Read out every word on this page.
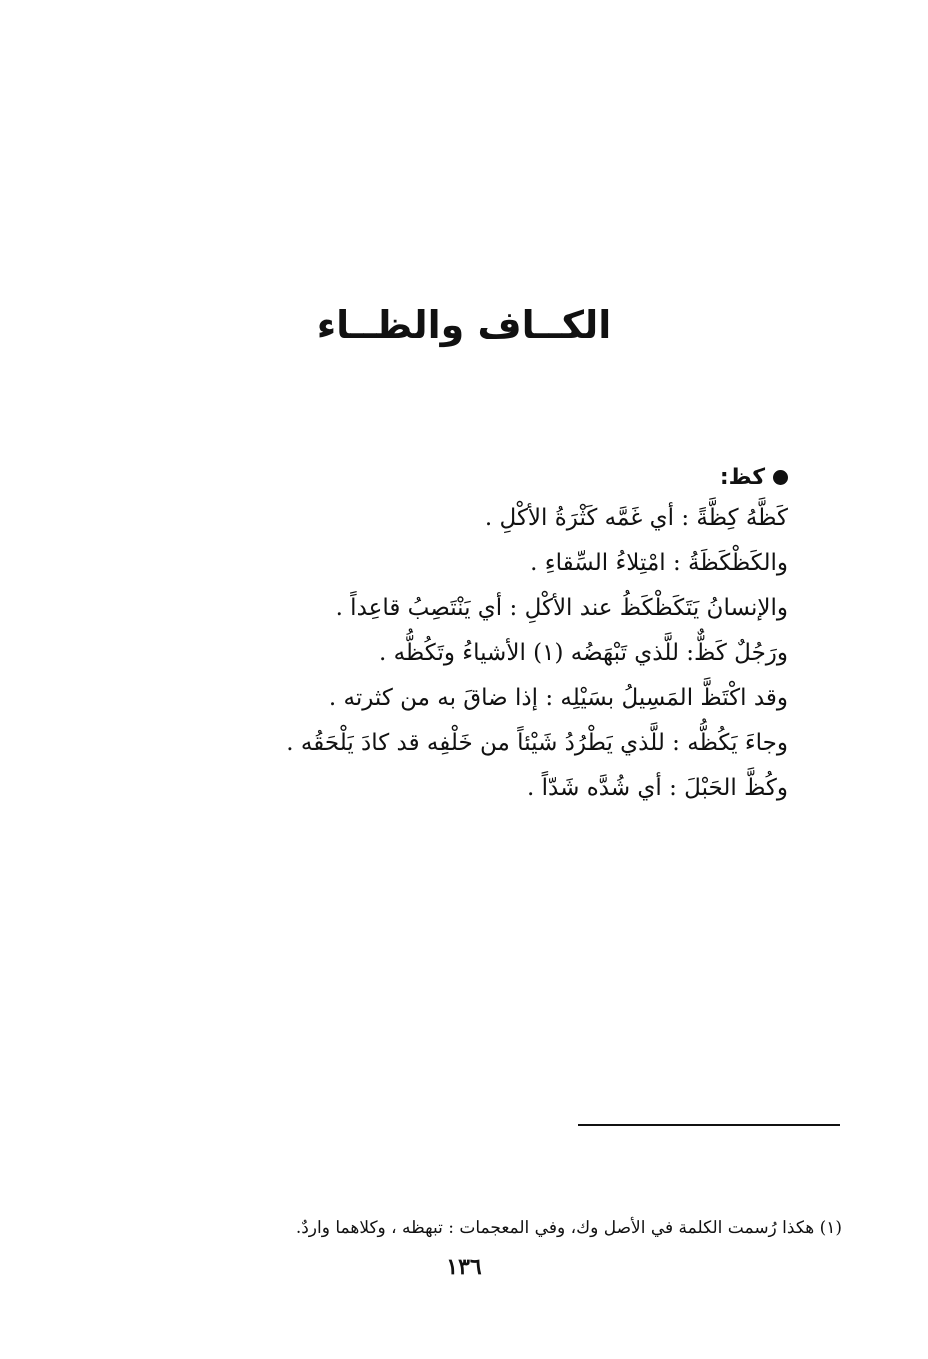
الكــاف والظــاء
كظ:
كَظَّهُ كِظَّةً : أي غَمَّه كَثْرَةُ الأكْلِ .
والكَظْكَظَةُ : امْتِلاءُ السِّقاءِ .
والإنسانُ يَتَكَظْكَظُ عند الأكْلِ : أي يَنْتَصِبُ قاعِداً .
ورَجُلٌ كَظٌّ: للَّذي تَبْهَضُه (١) الأشياءُ وتَكُظُّه .
وقد اكْتَظَّ المَسِيلُ بسَيْلِه : إذا ضاقَ به من كثرته .
وجاءَ يَكُظُّه : للَّذي يَطْرُدُ شَيْئاً من خَلْفِه قد كادَ يَلْحَقُه .
وكُظَّ الحَبْلَ : أي شُدَّه شَدّاً .

(١) هكذا رُسمت الكلمة في الأصل وك، وفي المعجمات : تبهظه ، وكلاهما واردٌ.

١٣٦
